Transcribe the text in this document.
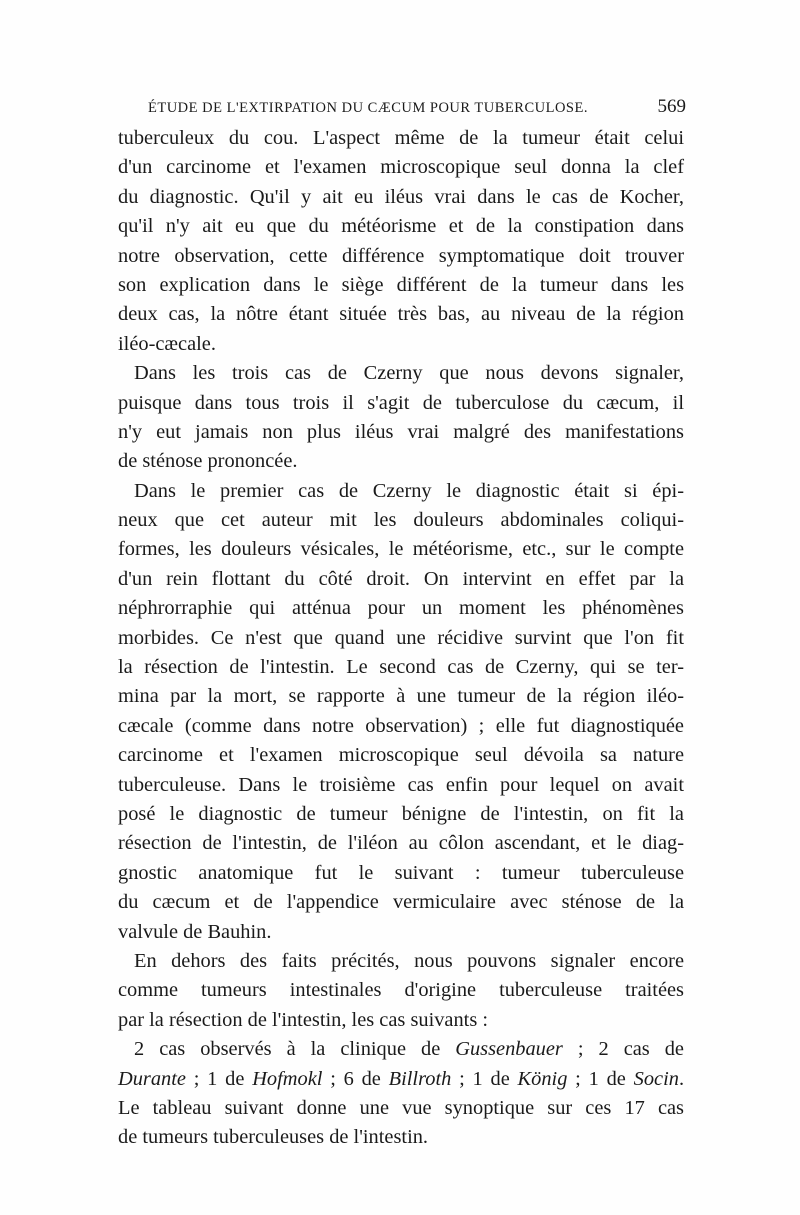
ÉTUDE DE L'EXTIRPATION DU CÆCUM POUR TUBERCULOSE.	569
tuberculeux du cou. L'aspect même de la tumeur était celui
d'un carcinome et l'examen microscopique seul donna la clef
du diagnostic. Qu'il y ait eu iléus vrai dans le cas de Kocher,
qu'il n'y ait eu que du météorisme et de la constipation dans
notre observation, cette différence symptomatique doit trouver
son explication dans le siège différent de la tumeur dans les
deux cas, la nôtre étant située très bas, au niveau de la région
iléo-cæcale.
Dans les trois cas de Czerny que nous devons signaler,
puisque dans tous trois il s'agit de tuberculose du cæcum, il
n'y eut jamais non plus iléus vrai malgré des manifestations
de sténose prononcée.
Dans le premier cas de Czerny le diagnostic était si épi-
neux que cet auteur mit les douleurs abdominales coliqui-
formes, les douleurs vésicales, le météorisme, etc., sur le compte
d'un rein flottant du côté droit. On intervint en effet par la
néphrorraphie qui atténua pour un moment les phénomènes
morbides. Ce n'est que quand une récidive survint que l'on fit
la résection de l'intestin. Le second cas de Czerny, qui se ter-
mina par la mort, se rapporte à une tumeur de la région iléo-
cæcale (comme dans notre observation) ; elle fut diagnostiquée
carcinome et l'examen microscopique seul dévoila sa nature
tuberculeuse. Dans le troisième cas enfin pour lequel on avait
posé le diagnostic de tumeur bénigne de l'intestin, on fit la
résection de l'intestin, de l'iléon au côlon ascendant, et le diag-
gnostic anatomique fut le suivant : tumeur tuberculeuse
du cæcum et de l'appendice vermiculaire avec sténose de la
valvule de Bauhin.
En dehors des faits précités, nous pouvons signaler encore
comme tumeurs intestinales d'origine tuberculeuse traitées
par la résection de l'intestin, les cas suivants :
2 cas observés à la clinique de Gussenbauer ; 2 cas de
Durante ; 1 de Hofmokl ; 6 de Billroth ; 1 de König ; 1 de Socin.
Le tableau suivant donne une vue synoptique sur ces 17 cas
de tumeurs tuberculeuses de l'intestin.
